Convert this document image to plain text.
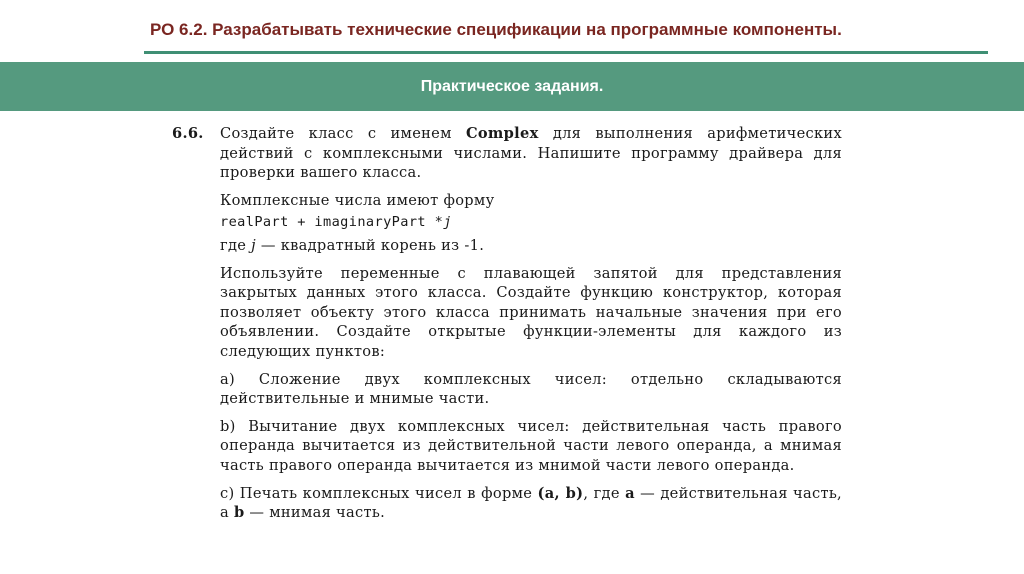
РО 6.2. Разрабатывать технические спецификации на программные компоненты.
Практическое задания.
6.6.	Создайте класс с именем Complex для выполнения арифметических действий с комплексными числами. Напишите программу драйвера для проверки вашего класса.
Комплексные числа имеют форму
realPart + imaginaryPart *j
где j — квадратный корень из -1.
Используйте переменные с плавающей запятой для представления закрытых данных этого класса. Создайте функцию конструктор, которая позволяет объекту этого класса принимать начальные значения при его объявлении. Создайте открытые функции-элементы для каждого из следующих пунктов:
a) Сложение двух комплексных чисел: отдельно складываются действительные и мнимые части.
b) Вычитание двух комплексных чисел: действительная часть правого операнда вычитается из действительной части левого операнда, а мнимая часть правого операнда вычитается из мнимой части левого операнда.
c) Печать комплексных чисел в форме (a, b), где a — действительная часть, а b — мнимая часть.
